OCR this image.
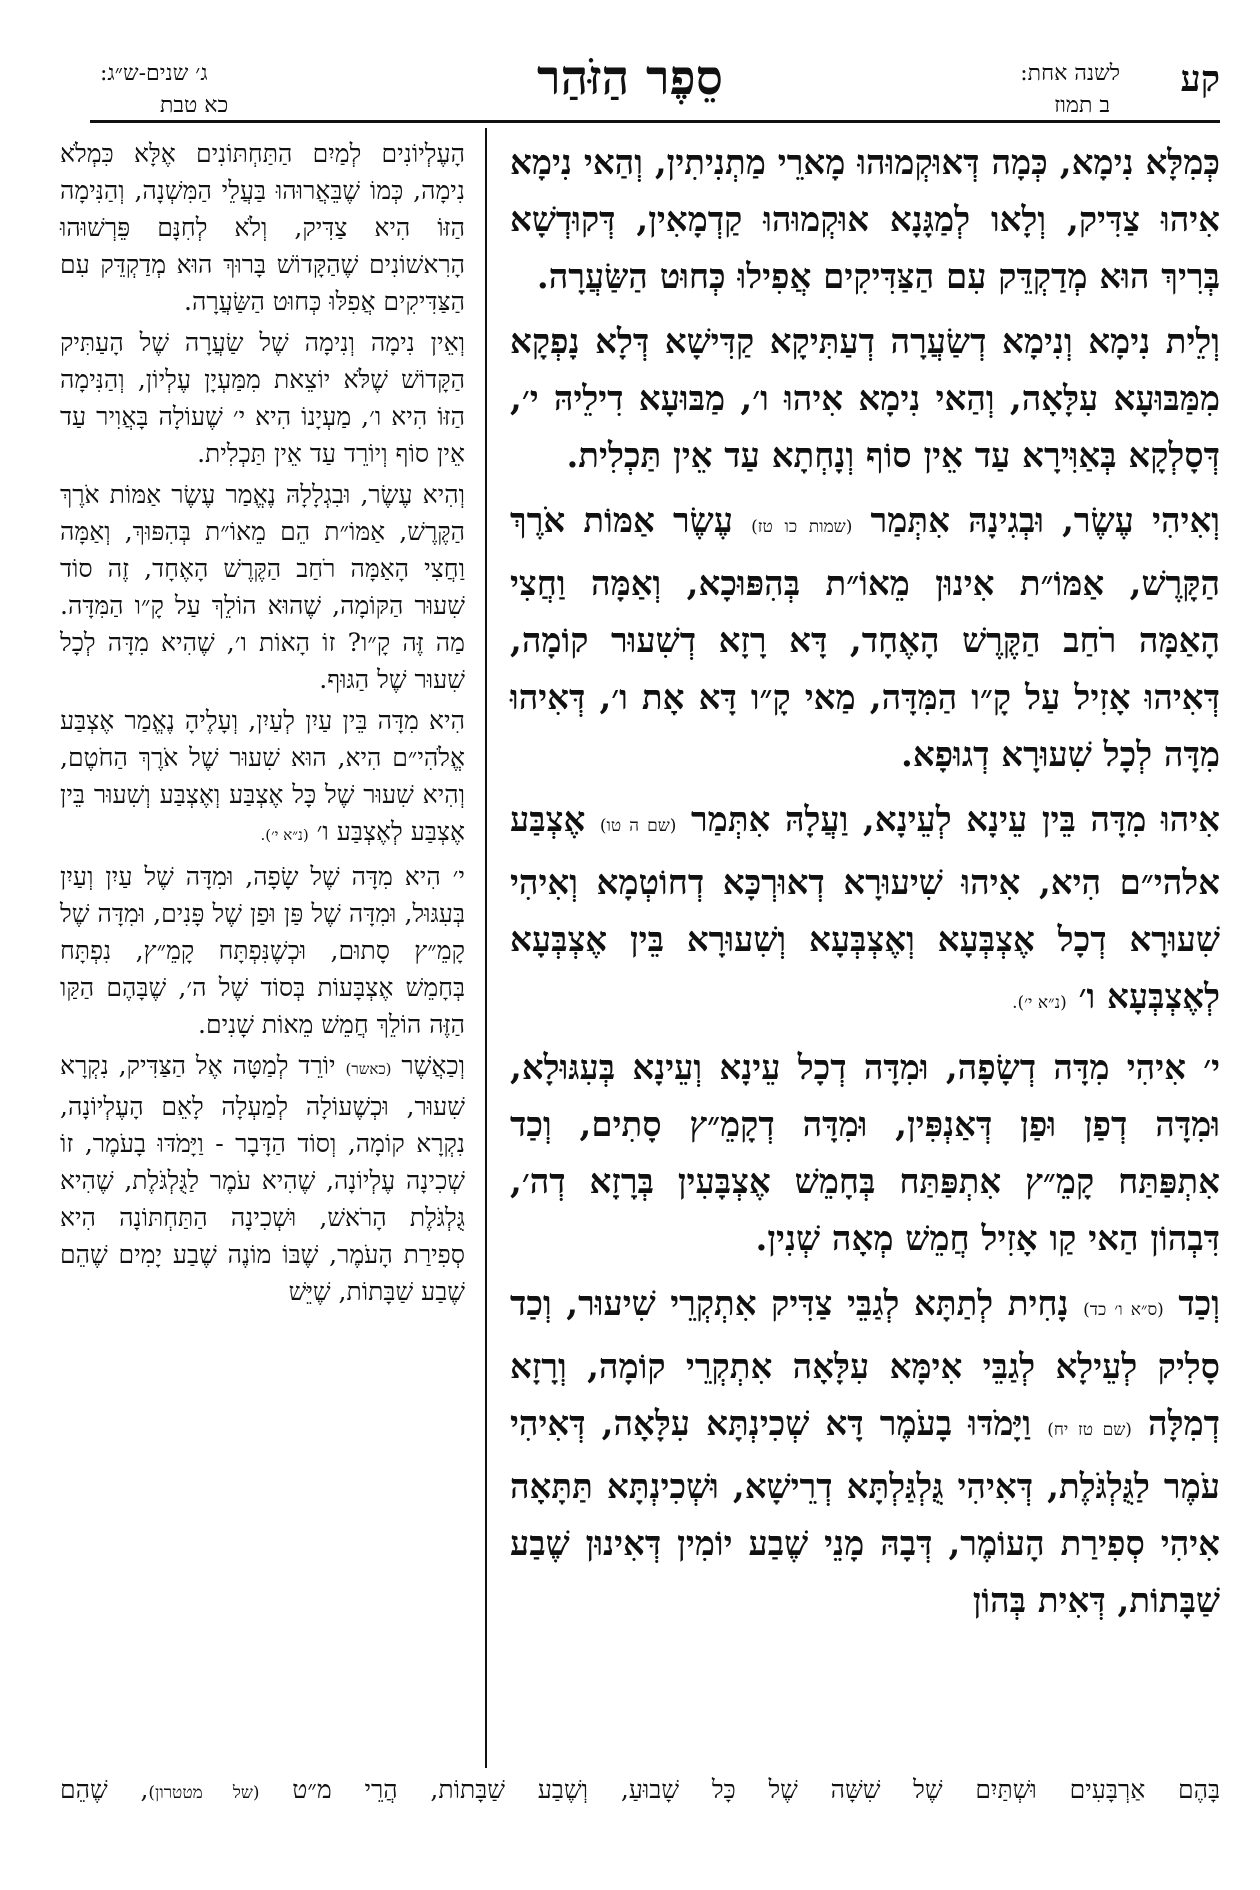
קע
לשנה אחת:
ב תמוז
סֵפֶר הַזֹּהַר
ג׳ שנים-ש״ג:
כא טבת

כְּמִלָּא נִימָא, כְּמָה דְּאוּקְמוּהוּ מָארֵי מַתְנִיתִין, וְהַאי נִימָא אִיהוּ צַדִּיק, וְלָאו לְמַגָּנָא אוּקְמוּהוּ קַדְמָאִין, דְּקוּדְשָׁא בְּרִיךְ הוּא מְדַקְדֵּק עִם הַצַּדִּיקִים אֲפִילוּ כְּחוּט הַשַּׂעֲרָה.

וְלֵית נִימָא וְנִימָא דְשַׂעֲרָה דְעַתִּיקָא קַדִּישָׁא דְּלָא נָפְקָא מִמַּבּוּעָא עִלָּאָה, וְהַאי נִימָא אִיהוּ ו׳, מַבּוּעָא דִילֵיהּ י׳, דְּסָלְקָא בְּאַוִּירָא עַד אֵין סוֹף וְנָחְתָא עַד אֵין תַּכְלִית.

וְאִיהִי עֶשֶׂר, וּבְגִינָהּ אִתְּמַר (שמות כו טז) עֶשֶׂר אַמּוֹת אֹרֶךְ הַקָּרֶשׁ, אַמּוֹ״ת אִינוּן מֵאוֹ״ת בְּהִפּוּכָא, וְאַמָּה וַחֲצִי הָאַמָּה רֹחַב הַקֶּרֶשׁ הָאֶחָד, דָּא רָזָא דְשִׁעוּר קוֹמָה, דְּאִיהוּ אָזִיל עַל קָ״ו הַמִּדָּה, מַאי קָ״ו דָּא אָת ו׳, דְּאִיהוּ מִדָּה לְכָל שִׁעוּרָא דְגוּפָא.

אִיהוּ מִדָּה בֵּין עֵינָא לְעֵינָא, וַעֲלָהּ אִתְּמַר (שם ה טו) אֶצְבַּע אלהי״ם הִיא, אִיהוּ שִׁיעוּרָא דְאוּרְכָּא דְחוֹטְמָא וְאִיהִי שִׁעוּרָא דְכָל אֶצְבְּעָא וְאֶצְבְּעָא וְשִׁעוּרָא בֵּין אֶצְבְּעָא לְאֶצְבְּעָא ו׳ (נ״א י׳).

י׳ אִיהִי מִדָּה דְשָׂפָה, וּמִדָּה דְכָל עֵינָא וְעֵינָא בְּעִגּוּלָא, וּמִדָּה דְפַן וּפַן דְּאַנְפִּין, וּמִדָּה דְקָמֵ״ץ סָתִים, וְכַד אִתְפַּתַּח קָמֵ״ץ אִתְפַּתַּח בְּחָמֵשׁ אֶצְבָּעִין בְּרָזָא דְה׳, דִּבְהוֹן הַאי קַו אָזִיל חֲמֵשׁ מְאָה שְׁנִין.

וְכַד (ס״א ו׳ כד) נָחִית לְתַתָּא לְגַבֵּי צַדִּיק אִתְקְרֵי שִׁיעוּר, וְכַד סָלִיק לְעֵילָא לְגַבֵּי אִימָּא עִלָּאָה אִתְקְרֵי קוֹמָה, וְרָזָא דְמִלָּה (שם טז יח) וַיָּמֹדּוּ בָעֹמֶר דָּא שְׁכִינְתָּא עִלָּאָה, דְּאִיהִי עֹמֶר לַגֻּלְגֹּלֶת, דְּאִיהִי גֻּלְגַּלְתָּא דְרֵישָׁא, וּשְׁכִינְתָּא תַּתָּאָה אִיהִי סְפִירַת הָעוֹמֶר, דְּבָהּ מָנֵי שֶׁבַע יוֹמִין דְּאִינוּן שֶׁבַע שַׁבָּתוֹת, דְּאִית בְּהוֹן

הָעֶלְיוֹנִים לְמַיִם הַתַּחְתּוֹנִים אֶלָּא כִּמְלֹא נִימָה, כְּמוֹ שֶׁבֵּאֲרוּהוּ בַּעֲלֵי הַמִּשְׁנָה, וְהַנִּימָה הַזּוֹ הִיא צַדִּיק, וְלֹא לְחִנָּם פֵּרְשׁוּהוּ הָרִאשׁוֹנִים שֶׁהַקָּדוֹשׁ בָּרוּךְ הוּא מְדַקְדֵּק עִם הַצַּדִּיקִים אֲפִלּוּ כְּחוּט הַשַּׂעֲרָה.

וְאֵין נִימָה וְנִימָה שֶׁל שַׂעֲרָה שֶׁל הָעַתִּיק הַקָּדוֹשׁ שֶׁלֹּא יוֹצֵאת מִמַּעְיָן עֶלְיוֹן, וְהַנִּימָה הַזּוֹ הִיא ו׳, מַעְיָנוֹ הִיא י׳ שֶׁעוֹלָה בָּאֲוִיר עַד אֵין סוֹף וְיוֹרֵד עַד אֵין תַּכְלִית.

וְהִיא עֶשֶׂר, וּבִגְלָלָהּ נֶאֱמַר עֶשֶׂר אַמּוֹת אֹרֶךְ הַקֶּרֶשׁ, אַמּוֹ״ת הֵם מֵאוֹ״ת בְּהִפּוּךְ, וְאַמָּה וַחֲצִי הָאַמָּה רֹחַב הַקֶּרֶשׁ הָאֶחָד, זֶה סוֹד שִׁעוּר הַקּוֹמָה, שֶׁהוּא הוֹלֵךְ עַל קָ״ו הַמִּדָּה. מַה זֶּה קָ״ו? זוֹ הָאוֹת ו׳, שֶׁהִיא מִדָּה לְכָל שִׁעוּר שֶׁל הַגּוּף.

הִיא מִדָּה בֵּין עַיִן לְעַיִן, וְעָלֶיהָ נֶאֱמַר אֶצְבַּע אֱלֹהִי״ם הִיא, הוּא שִׁעוּר שֶׁל אֹרֶךְ הַחֹטֶם, וְהִיא שִׁעוּר שֶׁל כָּל אֶצְבַּע וְאֶצְבַּע וְשִׁעוּר בֵּין אֶצְבַּע לְאֶצְבַּע ו׳ (נ״א י׳).

י׳ הִיא מִדָּה שֶׁל שָׂפָה, וּמִדָּה שֶׁל עַיִן וְעַיִן בְּעִגּוּל, וּמִדָּה שֶׁל פַּן וּפַן שֶׁל פָּנִים, וּמִדָּה שֶׁל קָמֵ״ץ סָתוּם, וּכְשֶׁנִּפְתָּח קָמֵ״ץ, נִפְתָּח בְּחָמֵשׁ אֶצְבָּעוֹת בְּסוֹד שֶׁל ה׳, שֶׁבָּהֶם הַקַּו הַזֶּה הוֹלֵךְ חֲמֵשׁ מֵאוֹת שָׁנִים.

וְכַאֲשֶׁר (כאשר) יוֹרֵד לְמַטָּה אֶל הַצַּדִּיק, נִקְרָא שִׁעוּר, וּכְשֶׁעוֹלָה לְמַעְלָה לָאֵם הָעֶלְיוֹנָה, נִקְרָא קוֹמָה, וְסוֹד הַדָּבָר - וַיָּמֹדּוּ בָעֹמֶר, זוֹ שְׁכִינָה עֶלְיוֹנָה, שֶׁהִיא עֹמֶר לַגֻּלְגֹּלֶת, שֶׁהִיא גֻּלְגֹּלֶת הָרֹאשׁ, וּשְׁכִינָה הַתַּחְתּוֹנָה הִיא סְפִירַת הָעֹמֶר, שֶׁבּוֹ מוֹנֶה שֶׁבַע יָמִים שֶׁהֵם שֶׁבַע שַׁבָּתוֹת, שֶׁיֵּשׁ

בָּהֶם אַרְבָּעִים וּשְׁתַּיִם שֶׁל שִׁשָּׁה שֶׁל כָּל שָׁבוּעַ, וְשֶׁבַע שַׁבָּתוֹת, הֲרֵי מ״ט (של מטטרון), שֶׁהֵם
